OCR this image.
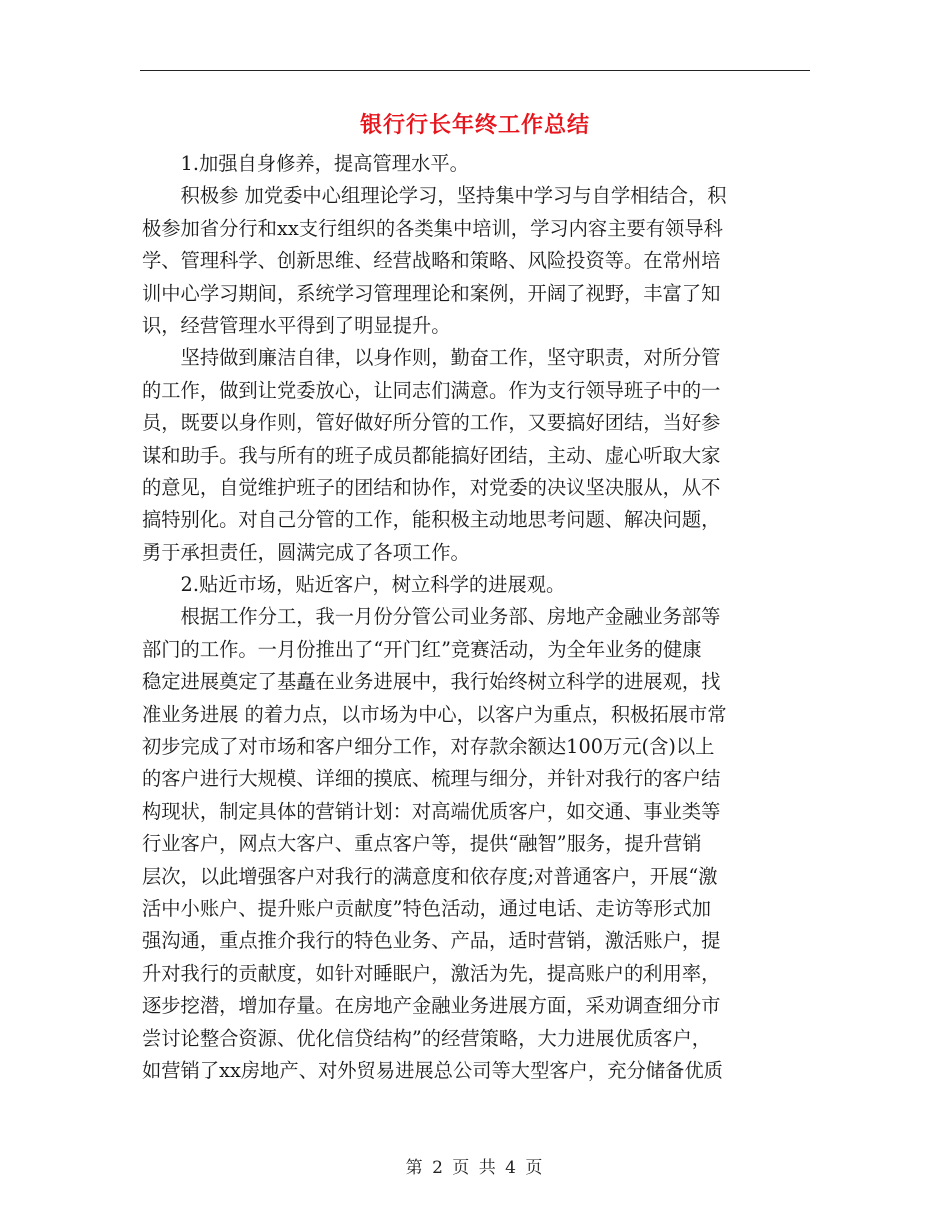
银行行长年终工作总结
　　1.加强自身修养，提高管理水平。
　　积极参 加党委中心组理论学习，坚持集中学习与自学相结合，积
极参加省分行和xx支行组织的各类集中培训，学习内容主要有领导科
学、管理科学、创新思维、经营战略和策略、风险投资等。在常州培
训中心学习期间，系统学习管理理论和案例，开阔了视野，丰富了知
识，经营管理水平得到了明显提升。
　　坚持做到廉洁自律，以身作则，勤奋工作，坚守职责，对所分管
的工作，做到让党委放心，让同志们满意。作为支行领导班子中的一
员，既要以身作则，管好做好所分管的工作，又要搞好团结，当好参
谋和助手。我与所有的班子成员都能搞好团结，主动、虚心听取大家
的意见，自觉维护班子的团结和协作，对党委的决议坚决服从，从不
搞特别化。对自己分管的工作，能积极主动地思考问题、解决问题，
勇于承担责任，圆满完成了各项工作。
　　2.贴近市场，贴近客户，树立科学的进展观。
　　根据工作分工，我一月份分管公司业务部、房地产金融业务部等
部门的工作。一月份推出了“开门红”竞赛活动，为全年业务的健康
稳定进展奠定了基矗在业务进展中，我行始终树立科学的进展观，找
准业务进展 的着力点，以市场为中心，以客户为重点，积极拓展市常
初步完成了对市场和客户细分工作，对存款余额达100万元(含)以上
的客户进行大规模、详细的摸底、梳理与细分，并针对我行的客户结
构现状，制定具体的营销计划：对高端优质客户，如交通、事业类等
行业客户，网点大客户、重点客户等，提供“融智”服务，提升营销
层次，以此增强客户对我行的满意度和依存度;对普通客户，开展“激
活中小账户、提升账户贡献度”特色活动，通过电话、走访等形式加
强沟通，重点推介我行的特色业务、产品，适时营销，激活账户，提
升对我行的贡献度，如针对睡眠户，激活为先，提高账户的利用率，
逐步挖潜，增加存量。在房地产金融业务进展方面，采劝调查细分市
尝讨论整合资源、优化信贷结构”的经营策略，大力进展优质客户，
如营销了xx房地产、对外贸易进展总公司等大型客户，充分储备优质
第 2 页 共 4 页
